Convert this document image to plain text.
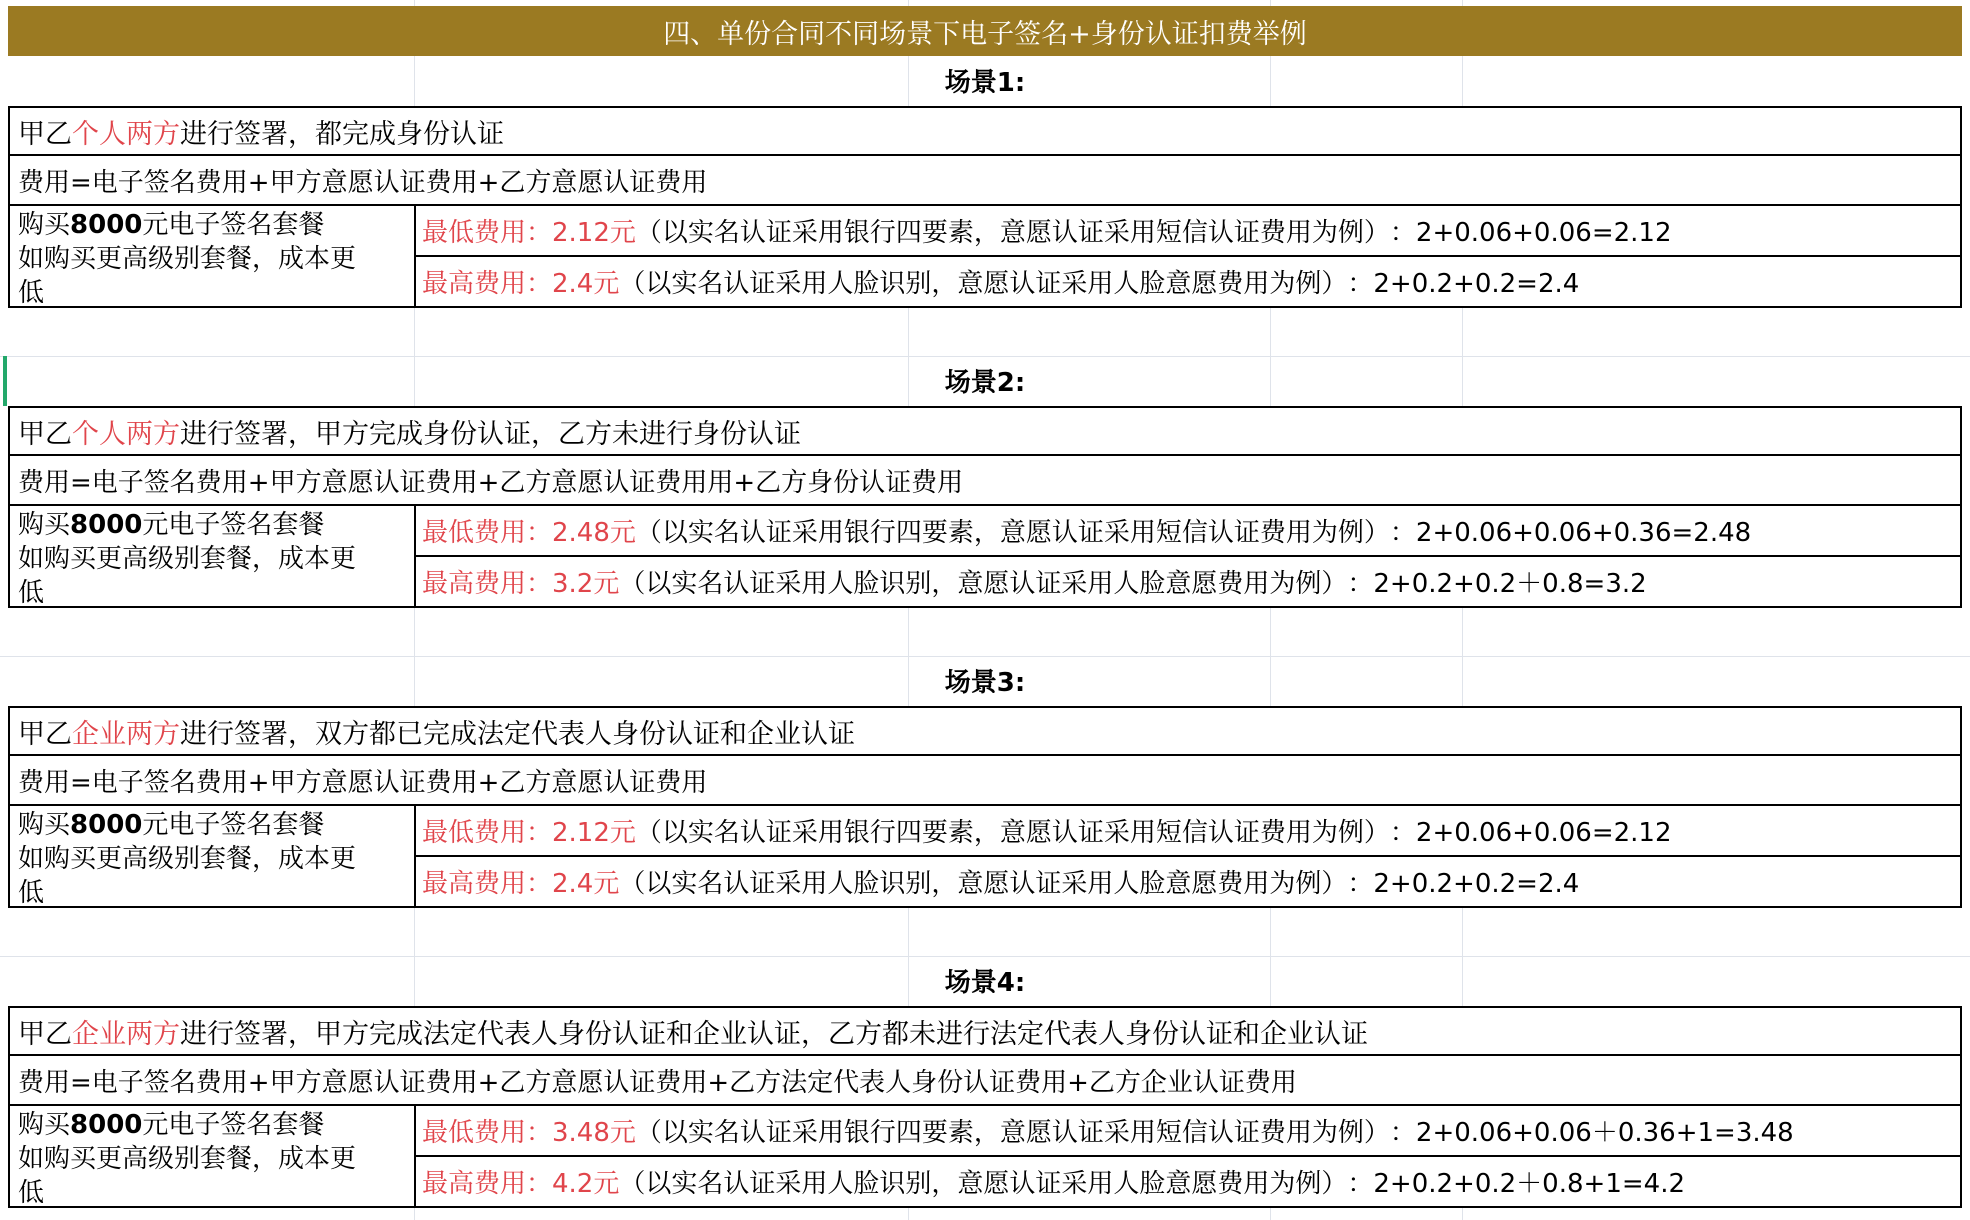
四、单份合同不同场景下电子签名+身份认证扣费举例
场景1:
甲乙 个人两方 进行签署，都完成身份认证
费用=电子签名费用+甲方意愿认证费用+乙方意愿认证费用
购买8000元电子签名套餐
如购买更高级别套餐，成本更
低
最低费用：2.12元 （以实名认证采用银行四要素，意愿认证采用短信认证费用为例） ：2+0.06+0.06=2.12
最高费用：2.4元 （以实名认证采用人脸识别，意愿认证采用人脸意愿费用为例） ：2+0.2+0.2=2.4
场景2:
甲乙 个人两方 进行签署，甲方完成身份认证，乙方未进行身份认证
费用=电子签名费用+甲方意愿认证费用+乙方意愿认证费用用+乙方身份认证费用
购买8000元电子签名套餐
如购买更高级别套餐，成本更
低
最低费用：2.48元 （以实名认证采用银行四要素，意愿认证采用短信认证费用为例） ：2+0.06+0.06+0.36=2.48
最高费用：3.2元 （以实名认证采用人脸识别，意愿认证采用人脸意愿费用为例） ：2+0.2+0.2＋0.8=3.2
场景3:
甲乙 企业两方 进行签署，双方都已完成法定代表人身份认证和企业认证
费用=电子签名费用+甲方意愿认证费用+乙方意愿认证费用
购买8000元电子签名套餐
如购买更高级别套餐，成本更
低
最低费用：2.12元 （以实名认证采用银行四要素，意愿认证采用短信认证费用为例） ：2+0.06+0.06=2.12
最高费用：2.4元 （以实名认证采用人脸识别，意愿认证采用人脸意愿费用为例） ：2+0.2+0.2=2.4
场景4:
甲乙 企业两方 进行签署，甲方完成法定代表人身份认证和企业认证，乙方都未进行法定代表人身份认证和企业认证
费用=电子签名费用+甲方意愿认证费用+乙方意愿认证费用+乙方法定代表人身份认证费用+乙方企业认证费用
购买8000元电子签名套餐
如购买更高级别套餐，成本更
低
最低费用：3.48元 （以实名认证采用银行四要素，意愿认证采用短信认证费用为例） ：2+0.06+0.06＋0.36+1=3.48
最高费用：4.2元 （以实名认证采用人脸识别，意愿认证采用人脸意愿费用为例） ：2+0.2+0.2＋0.8+1=4.2
